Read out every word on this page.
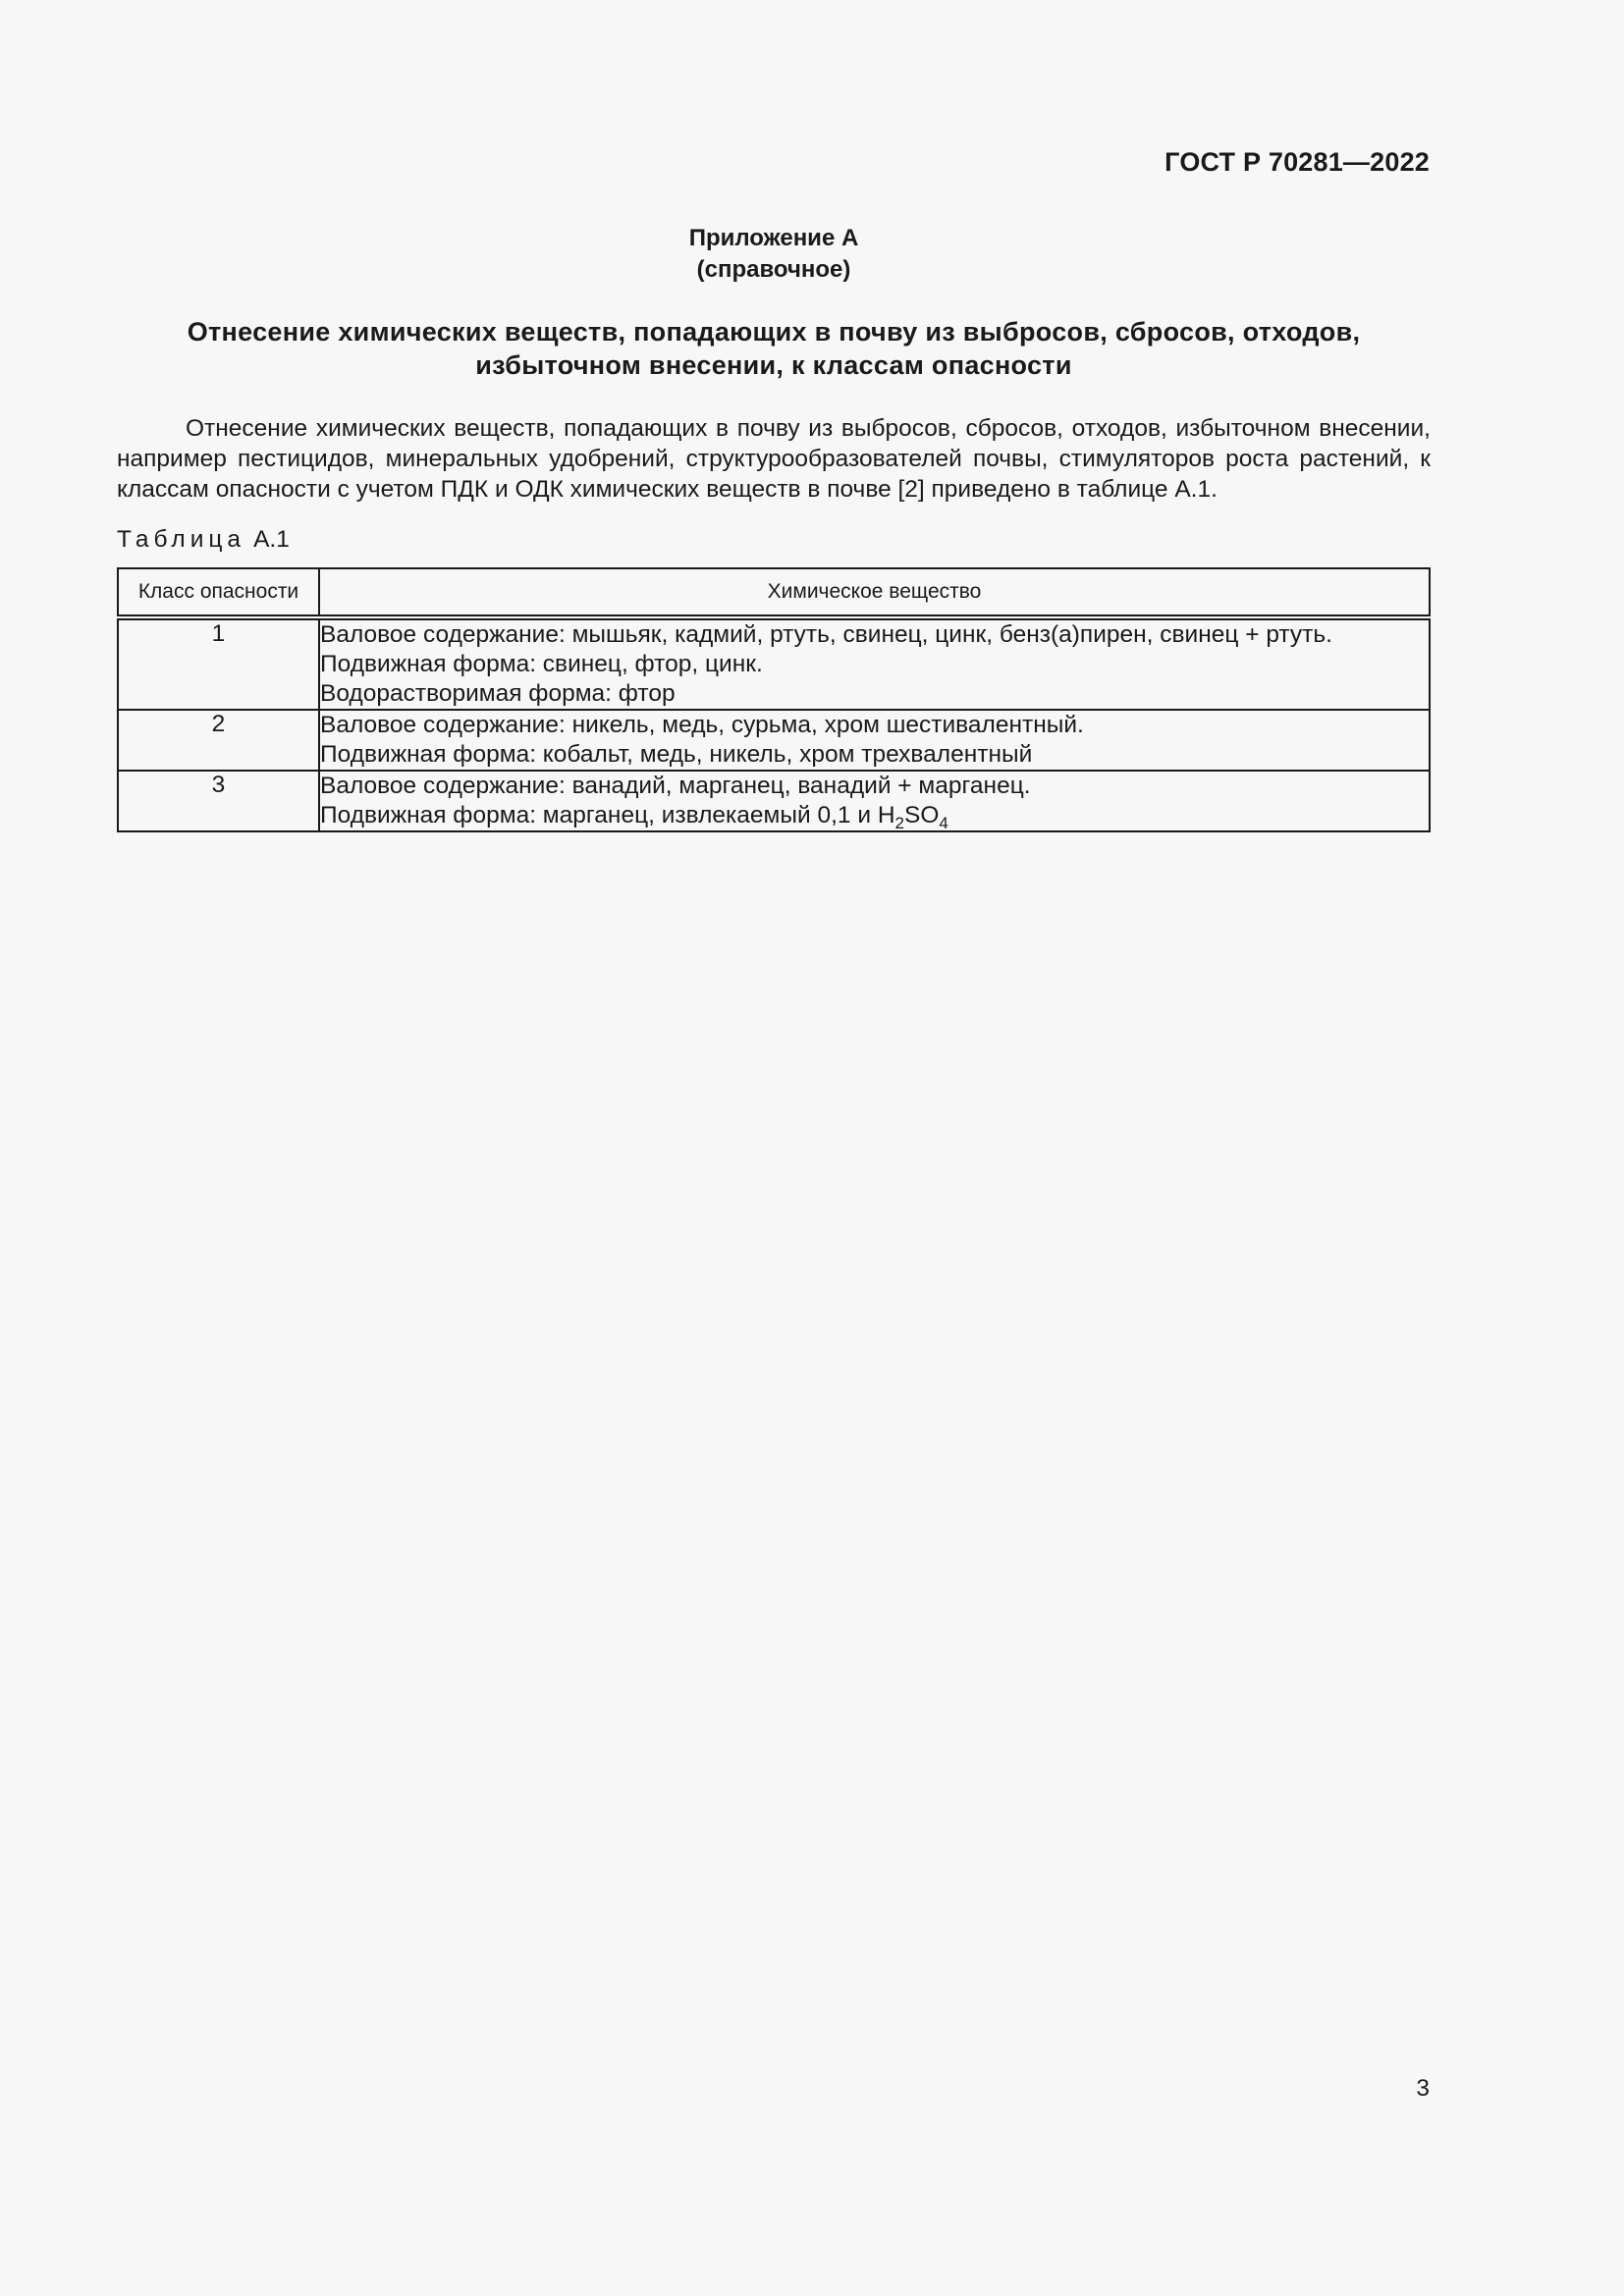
ГОСТ Р 70281—2022
Приложение А
(справочное)
Отнесение химических веществ, попадающих в почву из выбросов, сбросов, отходов,
избыточном внесении, к классам опасности
Отнесение химических веществ, попадающих в почву из выбросов, сбросов, отходов, избыточном внесении, например пестицидов, минеральных удобрений, структурообразователей почвы, стимуляторов роста растений, к классам опасности с учетом ПДК и ОДК химических веществ в почве [2] приведено в таблице А.1.
Таблица А.1
Класс опасности	Химическое вещество
1	Валовое содержание: мышьяк, кадмий, ртуть, свинец, цинк, бенз(а)пирен, свинец + ртуть.
Подвижная форма: свинец, фтор, цинк.
Водорастворимая форма: фтор

2	Валовое содержание: никель, медь, сурьма, хром шестивалентный.
Подвижная форма: кобальт, медь, никель, хром трехвалентный

3	Валовое содержание: ванадий, марганец, ванадий + марганец.
Подвижная форма: марганец, извлекаемый 0,1 и $H_2SO_4$
3
